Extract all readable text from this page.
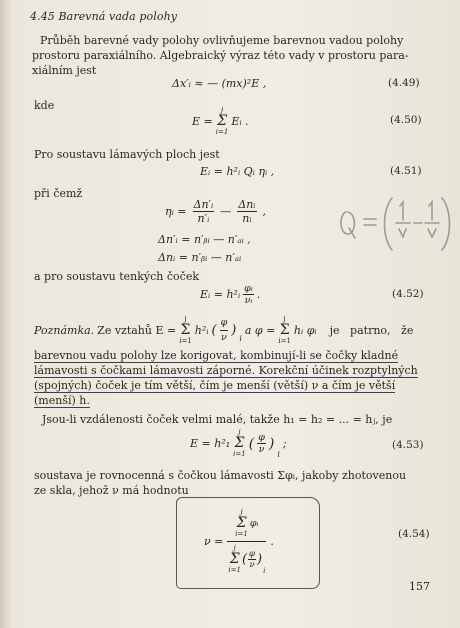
4.45 Barevná vada polohy
Průběh barevné vady polohy ovlivňujeme barevnou vadou polohy
prostoru paraxiálního. Algebraický výraz této vady v prostoru para-
xiálním jest
Δx′ᵢ ≈ — (mx)²E ,	(4.49)
kde
E =
j
Σ
i=1
Eᵢ .	(4.50)
Pro soustavu lámavých ploch jest
Eᵢ = h²ᵢ Qᵢ ηᵢ ,	(4.51)
při čemž
ηᵢ = $\frac{\text{Δn′ᵢ}}{\text{n′ᵢ}}$ — $\frac{\text{Δnᵢ}}{\text{nᵢ}}$ ,
Δn′ᵢ = n′ᵦᵢ — n′ₐᵢ ,
Δnᵢ = n′ᵦᵢ — n′ₐᵢ
a pro soustavu tenkých čoček
Eᵢ = h²ᵢ $\frac{\text{φᵢ}}{\text{νᵢ}}$ .	(4.52)
Poznámka. Ze vztahů E =
j
Σ
i=1
h²ᵢ ( $\frac{\varphi}{\nu}$ )
i
a φ =
j
Σ
i=1
hᵢ φᵢ je patrno, že
barevnou vadu polohy lze korigovat, kombinují-li se čočky kladné
lámavosti s čočkami lámavosti záporné. Korekční účinek rozptylných
(spojných) čoček je tím větší, čím je menší (větší) ν a čím je větší
(menší) h.
Jsou-li vzdálenosti čoček velmi malé, takže h₁ = h₂ = ... = hⱼ, je
E = h²₁
j
Σ
i=1
( $\frac{\varphi}{\nu}$ )
i
;	(4.53)
soustava je rovnocenná s čočkou lámavosti Σφᵢ, jakoby zhotovenou
ze skla, jehož ν má hodnotu
ν =
j
Σ
i=1
φᵢ
j
Σ
i=1
( $\frac{\varphi}{\nu}$ )
i
.
(4.54)
157
